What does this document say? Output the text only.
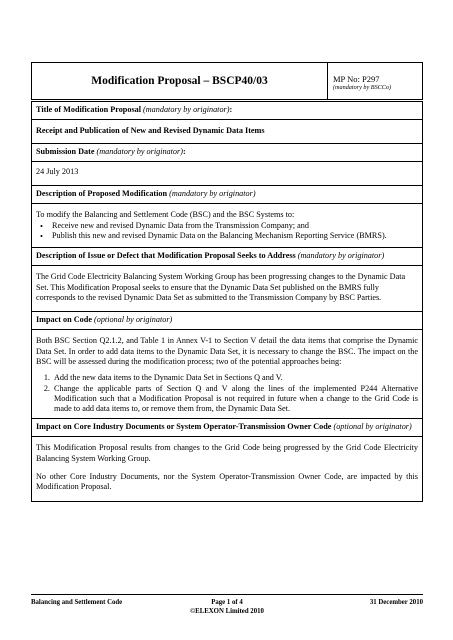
Modification Proposal – BSCP40/03	MP No: P297
(mandatory by BSCCo)
Title of Modification Proposal (mandatory by originator):

Receipt and Publication of New and Revised Dynamic Data Items

Submission Date (mandatory by originator):

24 July 2013

Description of Proposed Modification (mandatory by originator)

To modify the Balancing and Settlement Code (BSC) and the BSC Systems to:

• Receive new and revised Dynamic Data from the Transmission Company; and
• Publish this new and revised Dynamic Data on the Balancing Mechanism Reporting Service (BMRS).
Description of Issue or Defect that Modification Proposal Seeks to Address (mandatory by originator)

The Grid Code Electricity Balancing System Working Group has been progressing changes to the Dynamic Data Set. This Modification Proposal seeks to ensure that the Dynamic Data Set published on the BMRS fully corresponds to the revised Dynamic Data Set as submitted to the Transmission Company by BSC Parties.

Impact on Code (optional by originator)

Both BSC Section Q2.1.2, and Table 1 in Annex V-1 to Section V detail the data items that comprise the Dynamic Data Set. In order to add data items to the Dynamic Data Set, it is necessary to change the BSC. The impact on the BSC will be assessed during the modification process; two of the potential approaches being:

1. Add the new data items to the Dynamic Data Set in Sections Q and V.
2. Change the applicable parts of Section Q and V along the lines of the implemented P244 Alternative Modification such that a Modification Proposal is not required in future when a change to the Grid Code is made to add data items to, or remove them from, the Dynamic Data Set.
Impact on Core Industry Documents or System Operator-Transmission Owner Code (optional by originator)

This Modification Proposal results from changes to the Grid Code being progressed by the Grid Code Electricity Balancing System Working Group.

No other Core Industry Documents, nor the System Operator-Transmission Owner Code, are impacted by this Modification Proposal.

Balancing and Settlement Code	Page 1 of 4	31 December 2010
©ELEXON Limited 2010
